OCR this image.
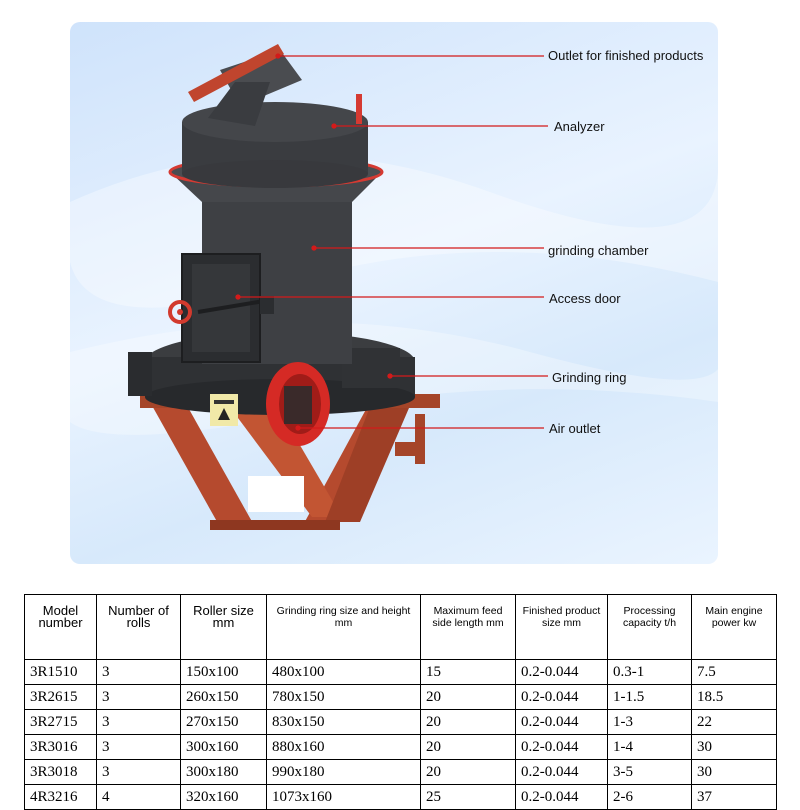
Outlet for finished products
Analyzer
grinding chamber
Access door
Grinding ring
Air outlet
Model number	Number of rolls	Roller size mm	Grinding ring size and height mm	Maximum feed side length mm	Finished product size mm	Processing capacity t/h	Main engine power kw
3R1510	3	150x100	480x100	15	0.2-0.044	0.3-1	7.5
3R2615	3	260x150	780x150	20	0.2-0.044	1-1.5	18.5
3R2715	3	270x150	830x150	20	0.2-0.044	1-3	22
3R3016	3	300x160	880x160	20	0.2-0.044	1-4	30
3R3018	3	300x180	990x180	20	0.2-0.044	3-5	30
4R3216	4	320x160	1073x160	25	0.2-0.044	2-6	37
